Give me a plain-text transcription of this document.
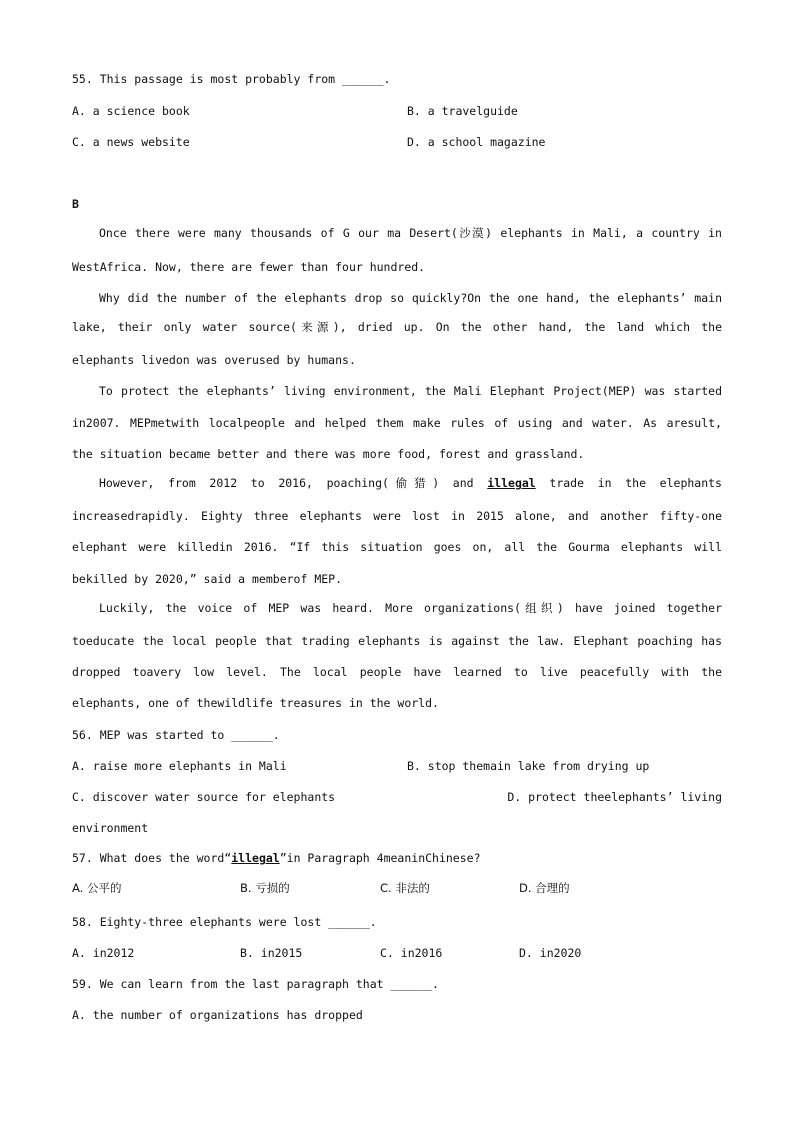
55. This passage is most probably from ______.
A. a science book	B. a travelguide
C. a news website	D. a school magazine
B
Once there were many thousands of G our ma Desert(沙漠) elephants in Mali, a country in
WestAfrica. Now, there are fewer than four hundred.
Why did the number of the elephants drop so quickly?On the one hand, the elephants’ main
lake, their only water source(来源), dried up. On the other hand, the land which the
elephants livedon was overused by humans.
To protect the elephants’ living environment, the Mali Elephant Project(MEP) was started
in2007. MEPmetwith localpeople and helped them make rules of using and water. As aresult,
the situation became better and there was more food, forest and grassland.
However, from 2012 to 2016, poaching(偷猎) and illegal trade in the elephants
increasedrapidly. Eighty three elephants were lost in 2015 alone, and another fifty-one
elephant were killedin 2016. “If this situation goes on, all the Gourma elephants will
bekilled by 2020,” said a memberof MEP.
Luckily, the voice of MEP was heard. More organizations(组织) have joined together
toeducate the local people that trading elephants is against the law. Elephant poaching has
dropped toavery low level. The local people have learned to live peacefully with the
elephants, one of thewildlife treasures in the world.
56. MEP was started to ______.
A. raise more elephants in Mali	B. stop themain lake from drying up
C. discover water source for elephants	D. protect theelephants’ living
environment
57. What does the word“illegal”in Paragraph 4meaninChinese?
A. 公平的	B. 亏损的	C. 非法的	D. 合理的
58. Eighty-three elephants were lost ______.
A. in2012	B. in2015	C. in2016	D. in2020
59. We can learn from the last paragraph that ______.
A. the number of organizations has dropped
